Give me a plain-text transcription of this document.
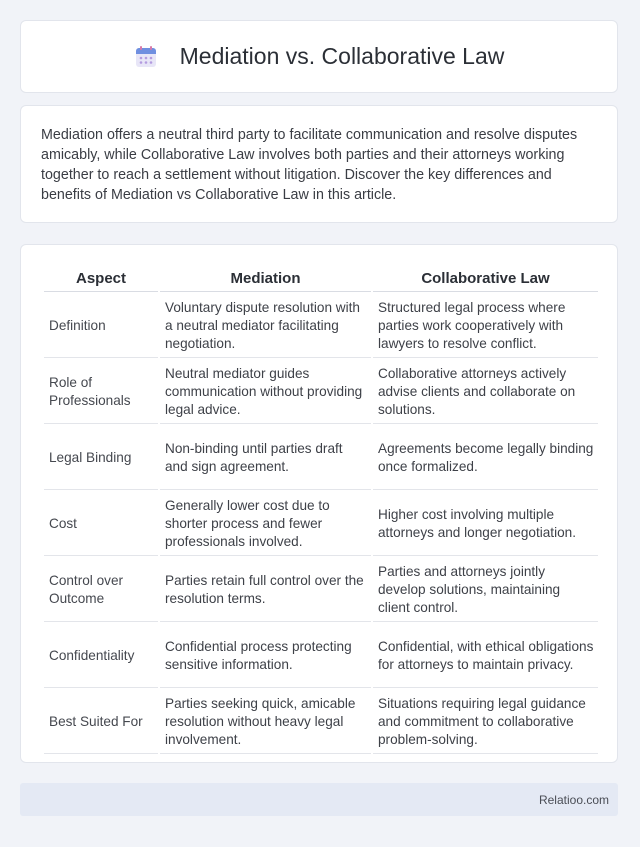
Mediation vs. Collaborative Law

Mediation offers a neutral third party to facilitate communication and resolve disputes amicably, while Collaborative Law involves both parties and their attorneys working together to reach a settlement without litigation. Discover the key differences and benefits of Mediation vs Collaborative Law in this article.

Aspect	Mediation	Collaborative Law
Definition	Voluntary dispute resolution with a neutral mediator facilitating negotiation.	Structured legal process where parties work cooperatively with lawyers to resolve conflict.
Role of Professionals	Neutral mediator guides communication without providing legal advice.	Collaborative attorneys actively advise clients and collaborate on solutions.
Legal Binding	Non-binding until parties draft and sign agreement.	Agreements become legally binding once formalized.
Cost	Generally lower cost due to shorter process and fewer professionals involved.	Higher cost involving multiple attorneys and longer negotiation.
Control over Outcome	Parties retain full control over the resolution terms.	Parties and attorneys jointly develop solutions, maintaining client control.
Confidentiality	Confidential process protecting sensitive information.	Confidential, with ethical obligations for attorneys to maintain privacy.
Best Suited For	Parties seeking quick, amicable resolution without heavy legal involvement.	Situations requiring legal guidance and commitment to collaborative problem-solving.
Relatioo.com
